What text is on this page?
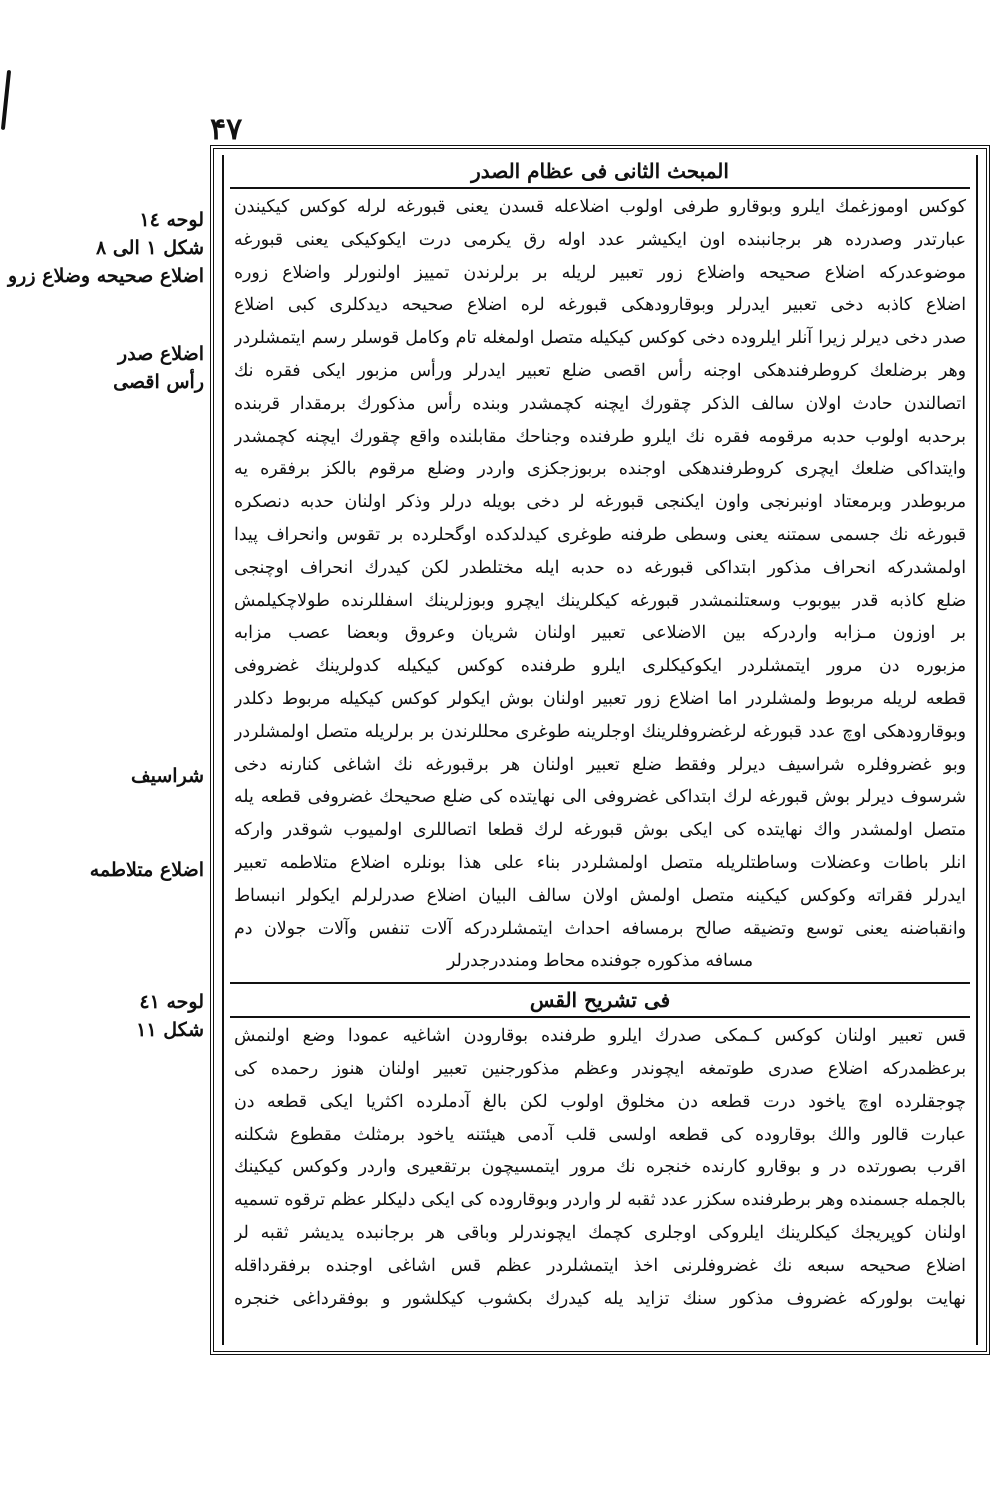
۴۷
لوحه ١٤
شكل ١ الى ٨
اضلاع صحيحه وضلاع زرو
اضلاع صدر
رأس اقصى
شراسيف
اضلاع متلاطمه
لوحه ٤١
شكل ١١
المبحث الثانى فى عظام الصدر
كوكس اوموزغمك ايلرو وبوقارو طرفى اولوب اضلاعله قسدن يعنى قبورغه لرله كوكس كيكيندن
عبارتدر وصدرده هر برجانبنده اون ايكيشر عدد اوله رق يكرمى درت ايكوكيكى يعنى قبورغه
موضوعدركه اضلاع صحيحه واضلاع زور تعبير لريله بر برلرندن تمييز اولنورلر واضلاع زوره
اضلاع كاذبه دخى تعبير ايدرلر وبوقارودهكى قبورغه لره اضلاع صحيحه ديدكلرى كبى اضلاع
صدر دخى ديرلر زيرا آنلر ايلروده دخى كوكس كيكيله متصل اولمغله تام وكامل قوسلر رسم ايتمشلردر
وهر برضلعك كروطرفندهكى اوجنه رأس اقصى ضلع تعبير ايدرلر ورأس مزبور ايكى فقره نك
اتصالندن حادث اولان سالف الذكر چقورك ايچنه كچمشدر وبنده رأس مذكورك برمقدار قربنده
برحدبه اولوب حدبه مرقومه فقره نك ايلرو طرفنده وجناحك مقابلنده واقع چقورك ايچنه كچمشدر
وايتداكى ضلعك ايچرى كروطرفندهكى اوجنده بربوزجكزى واردر وضلع مرقوم بالكز برفقره يه
مربوطدر وبرمعتاد اونبرنجى واون ايكنجى قبورغه لر دخى بويله درلر وذكر اولنان حدبه دنصكره
قبورغه نك جسمى سمتنه يعنى وسطى طرفنه طوغرى كيدلدكده اوگحلرده بر تقوس وانحراف پيدا
اولمشدركه انحراف مذكور ابتداكى قبورغه ده حدبه ايله مختلطدر لكن كيدرك انحراف اوچنجى
ضلع كاذبه قدر بيوبوب وسعتلنمشدر قبورغه كيكلرينك ايچرو وبوزلرينك اسفللرنده طولاچكيلمش
بر اوزون مـزابه واردركه بين الاضلاعى تعبير اولنان شريان وعروق وبعضا عصب مزابه
مزبوره دن مرور ايتمشلردر ايكوكيكلرى ايلرو طرفنده كوكس كيكيله كدولرينك غضروفى
قطعه لريله مربوط ولمشلردر اما اضلاع زور تعبير اولنان بوش ايكولر كوكس كيكيله مربوط دكلدر
وبوقارودهكى اوچ عدد قبورغه لرغضروفلرينك اوجلرينه طوغرى محللرندن بر برلريله متصل اولمشلردر
وبو غضروفلره شراسيف ديرلر وفقط ضلع تعبير اولنان هر برقبورغه نك اشاغى كنارنه دخى
شرسوف ديرلر بوش قبورغه لرك ابتداكى غضروفى الى نهايتده كى ضلع صحيحك غضروفى قطعه يله
متصل اولمشدر واك نهايتده كى ايكى بوش قبورغه لرك قطعا اتصاللرى اولميوب شوقدر واركه
انلر باطات وعضلات وساطتلريله متصل اولمشلردر بناء على هذا بونلره اضلاع متلاطمه تعبير
ايدرلر فقراته وكوكس كيكينه متصل اولمش اولان سالف البيان اضلاع صدرلرلم ايكولر انبساط
وانقباضنه يعنى توسع وتضيقه صالح برمسافه احداث ايتمشلردركه آلات تنفس وآلات جولان دم
مسافه مذكوره جوفنده محاط ومنددرجدرلر
فى تشريح القس
قس تعبير اولنان كوكس كـمكى صدرك ايلرو طرفنده بوقارودن اشاغيه عمودا وضع اولنمش
برعظمدركه اضلاع صدرى طوتمغه ايچوندر وعظم مذكورجنين تعبير اولنان هنوز رحمده كى
چوجقلرده اوچ ياخود درت قطعه دن مخلوق اولوب لكن بالغ آدملرده اكثريا ايكى قطعه دن
عبارت قالور والك بوقاروده كى قطعه اولسى قلب آدمى هيئتنه ياخود برمثلث مقطوع شكلنه
اقرب بصورتده در و بوقارو كارنده خنجره نك مرور ايتمسيچون برتقعيرى واردر وكوكس كيكينك
بالجمله جسمنده وهر برطرفنده سكزر عدد ثقبه لر واردر وبوقاروده كى ايكى دليكلر عظم ترقوه تسميه
اولنان كوپريجك كيكلرينك ايلروكى اوجلرى كچمك ايچوندرلر وباقى هر برجانبده يديشر ثقبه لر
اضلاع صحيحه سبعه نك غضروفلرنى اخذ ايتمشلردر عظم قس اشاغى اوجنده برفقرداقله
نهايت بولوركه غضروف مذكور سنك تزايد يله كيدرك بكشوب كيكلشور و بوفقرداغى خنجره
